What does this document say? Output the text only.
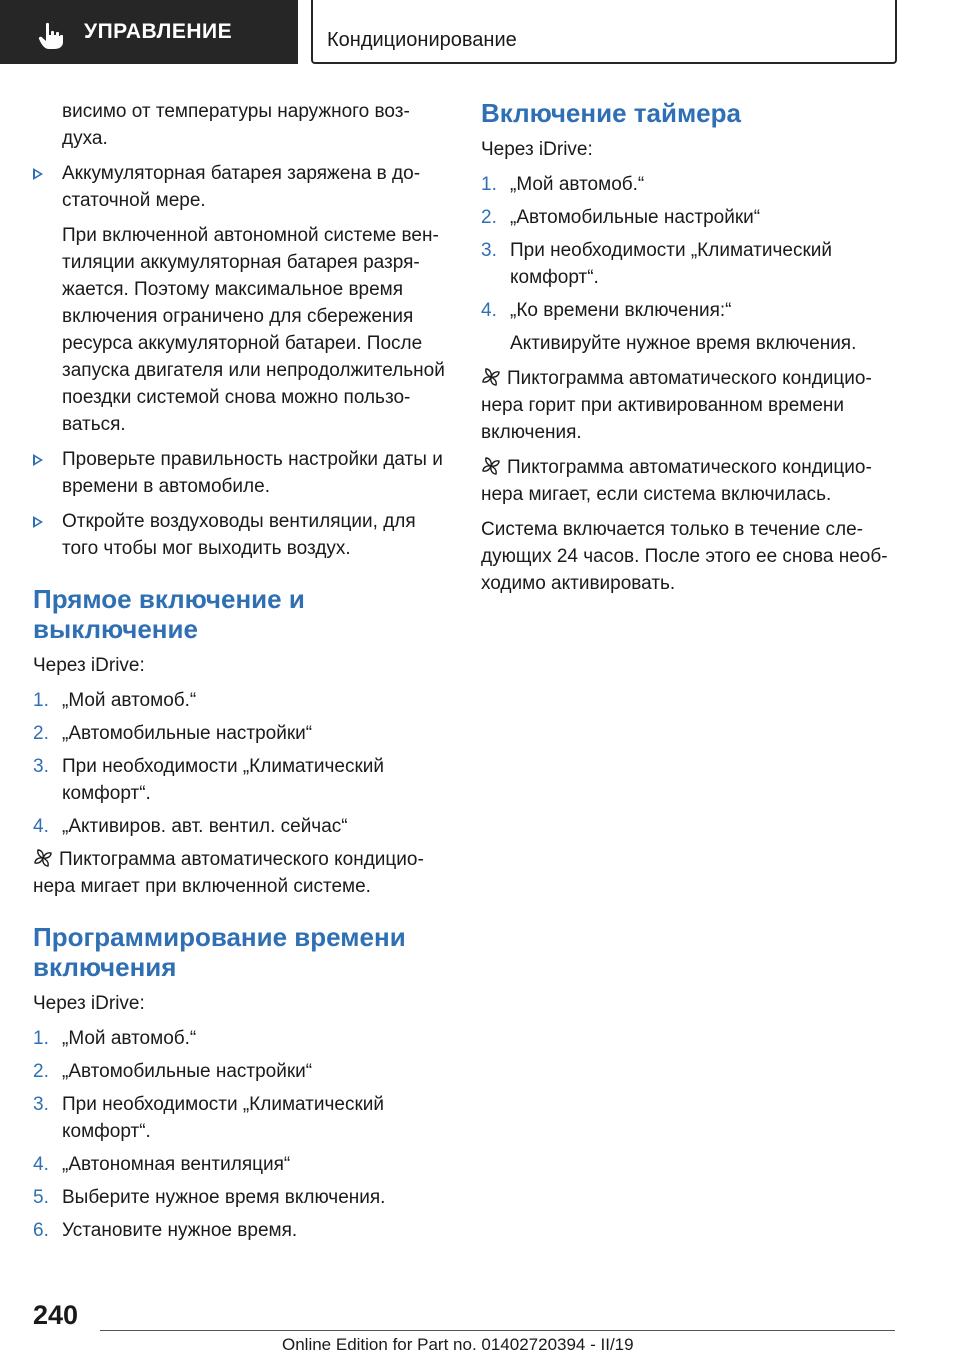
УПРАВЛЕНИЕ	Кондиционирование

висимо от температуры наружного воз-духа.

Аккумуляторная батарея заряжена в до-статочной мере.

При включенной автономной системе вен-тиляции аккумуляторная батарея разря-жается. Поэтому максимальное время включения ограничено для сбережения ресурса аккумуляторной батареи. После запуска двигателя или непродолжительной поездки системой снова можно пользо-ваться.

Проверьте правильность настройки даты и времени в автомобиле.
Откройте воздуховоды вентиляции, для того чтобы мог выходить воздух.
Прямое включение и выключение

Через iDrive:

1. „Мой автомоб.“
2. „Автомобильные настройки“
3. При необходимости „Климатический комфорт“.
4. „Активиров. авт. вентил. сейчас“

Пиктограмма автоматического кондицио-нера мигает при включенной системе.

Программирование времени включения

Через iDrive:

1. „Мой автомоб.“
2. „Автомобильные настройки“
3. При необходимости „Климатический комфорт“.
4. „Автономная вентиляция“
5. Выберите нужное время включения.
6. Установите нужное время.
Включение таймера

Через iDrive:

1. „Мой автомоб.“
2. „Автомобильные настройки“
3. При необходимости „Климатический комфорт“.
4. „Ко времени включения:“

Активируйте нужное время включения.

Пиктограмма автоматического кондицио-нера горит при активированном времени включения.

Пиктограмма автоматического кондицио-нера мигает, если система включилась.

Система включается только в течение сле-дующих 24 часов. После этого ее снова необ-ходимо активировать.

240
Online Edition for Part no. 01402720394 - II/19
